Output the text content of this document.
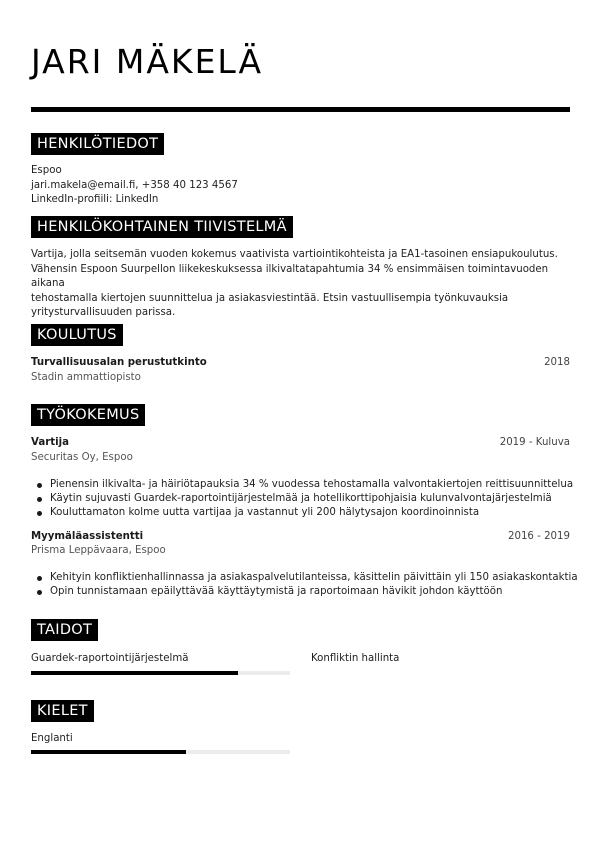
JARI MÄKELÄ
HENKILÖTIEDOT
Espoo
jari.makela@email.fi, +358 40 123 4567
LinkedIn-profiili: LinkedIn
HENKILÖKOHTAINEN TIIVISTELMÄ
Vartija, jolla seitsemän vuoden kokemus vaativista vartiointikohteista ja EA1-tasoinen ensiapukoulutus.
Vähensin Espoon Suurpellon liikekeskuksessa ilkivaltatapahtumia 34 % ensimmäisen toimintavuoden aikana
tehostamalla kiertojen suunnittelua ja asiakasviestintää. Etsin vastuullisempia työnkuvauksia
yritysturvallisuuden parissa.
KOULUTUS
Turvallisuusalan perustutkinto	2018
Stadin ammattiopisto
TYÖKOKEMUS
Vartija	2019 - Kuluva
Securitas Oy, Espoo
Pienensin ilkivalta- ja häiriötapauksia 34 % vuodessa tehostamalla valvontakiertojen reittisuunnittelua
Käytin sujuvasti Guardek-raportointijärjestelmää ja hotellikorttipohjaisia kulunvalvontajärjestelmiä
Kouluttamaton kolme uutta vartijaa ja vastannut yli 200 hälytysajon koordinoinnista
Myymäläassistentti	2016 - 2019
Prisma Leppävaara, Espoo
Kehityin konfliktienhallinnassa ja asiakaspalvelutilanteissa, käsittelin päivittäin yli 150 asiakaskontaktia
Opin tunnistamaan epäilyttävää käyttäytymistä ja raportoimaan hävikit johdon käyttöön
TAIDOT
Guardek-raportointijärjestelmä	Konfliktin hallinta
KIELET
Englanti
